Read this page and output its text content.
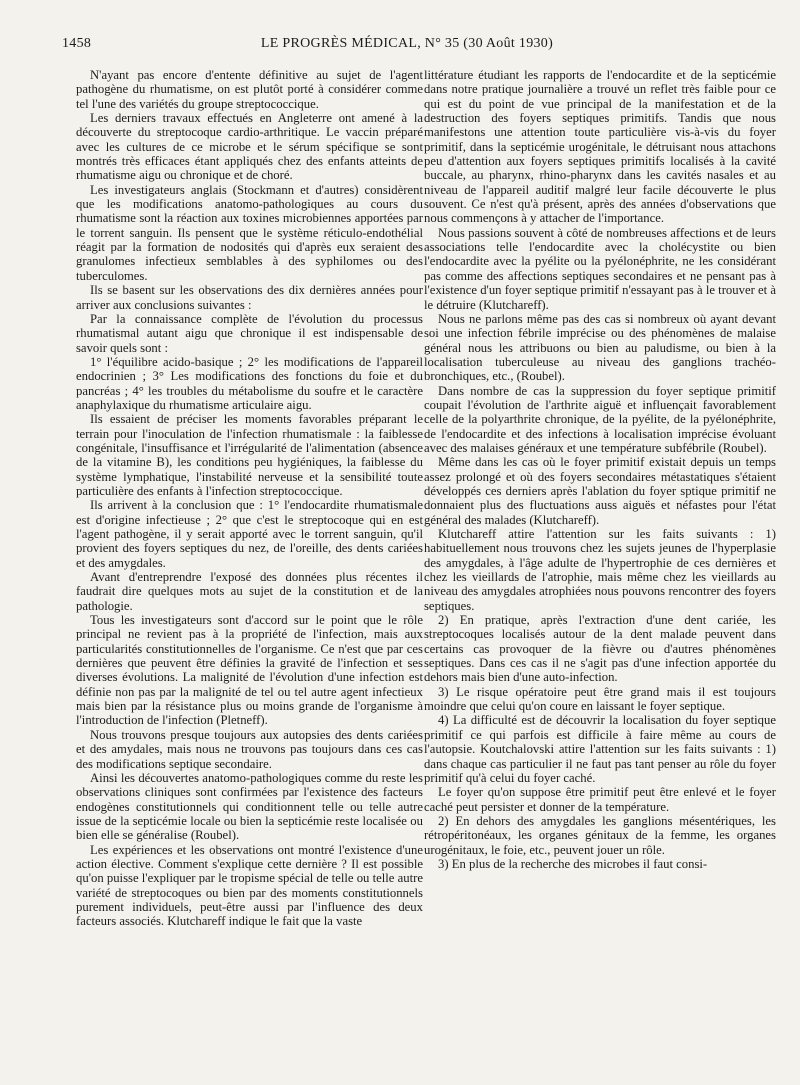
1458	LE PROGRÈS MÉDICAL, N° 35 (30 Août 1930)

N'ayant pas encore d'entente définitive au sujet de l'agent pathogène du rhumatisme, on est plutôt porté à considérer comme tel l'une des variétés du groupe streptococcique.

Les derniers travaux effectués en Angleterre ont amené à la découverte du streptocoque cardio-arthritique. Le vaccin préparé avec les cultures de ce microbe et le sérum spécifique se sont montrés très efficaces étant appliqués chez des enfants atteints de rhumatisme aigu ou chronique et de choré.

Les investigateurs anglais (Stockmann et d'autres) considèrent que les modifications anatomo-pathologiques au cours du rhumatisme sont la réaction aux toxines microbiennes apportées par le torrent sanguin. Ils pensent que le système réticulo-endothélial réagit par la formation de nodosités qui d'après eux seraient des granulomes infectieux semblables à des syphilomes ou des tuberculomes.

Ils se basent sur les observations des dix dernières années pour arriver aux conclusions suivantes :

Par la connaissance complète de l'évolution du processus rhumatismal autant aigu que chronique il est indispensable de savoir quels sont :

1° l'équilibre acido-basique ; 2° les modifications de l'appareil endocrinien ; 3° Les modifications des fonctions du foie et du pancréas ; 4° les troubles du métabolisme du soufre et le caractère anaphylaxique du rhumatisme articulaire aigu.

Ils essaient de préciser les moments favorables préparant le terrain pour l'inoculation de l'infection rhumatismale : la faiblesse congénitale, l'insuffisance et l'irrégularité de l'alimentation (absence de la vitamine B), les conditions peu hygiéniques, la faiblesse du système lymphatique, l'instabilité nerveuse et la sensibilité toute particulière des enfants à l'infection streptococcique.

Ils arrivent à la conclusion que : 1° l'endocardite rhumatismale est d'origine infectieuse ; 2° que c'est le streptocoque qui en est l'agent pathogène, il y serait apporté avec le torrent sanguin, qu'il provient des foyers septiques du nez, de l'oreille, des dents cariées et des amygdales.

Avant d'entreprendre l'exposé des données plus récentes il faudrait dire quelques mots au sujet de la constitution et de la pathologie.

Tous les investigateurs sont d'accord sur le point que le rôle principal ne revient pas à la propriété de l'infection, mais aux particularités constitutionnelles de l'organisme. Ce n'est que par ces dernières que peuvent être définies la gravité de l'infection et ses diverses évolutions. La malignité de l'évolution d'une infection est définie non pas par la malignité de tel ou tel autre agent infectieux mais bien par la résistance plus ou moins grande de l'organisme à l'introduction de l'infection (Pletneff).

Nous trouvons presque toujours aux autopsies des dents cariées et des amydales, mais nous ne trouvons pas toujours dans ces cas des modifications septique secondaire.

Ainsi les découvertes anatomo-pathologiques comme du reste les observations cliniques sont confirmées par l'existence des facteurs endogènes constitutionnels qui conditionnent telle ou telle autre issue de la septicémie locale ou bien la septicémie reste localisée ou bien elle se généralise (Roubel).

Les expériences et les observations ont montré l'existence d'une action élective. Comment s'explique cette dernière ? Il est possible qu'on puisse l'expliquer par le tropisme spécial de telle ou telle autre variété de streptocoques ou bien par des moments constitutionnels purement individuels, peut-être aussi par l'influence des deux facteurs associés. Klutchareff indique le fait que la vaste

littérature étudiant les rapports de l'endocardite et de la septicémie dans notre pratique journalière a trouvé un reflet très faible pour ce qui est du point de vue principal de la manifestation et de la destruction des foyers septiques primitifs. Tandis que nous manifestons une attention toute particulière vis-à-vis du foyer primitif, dans la septicémie urogénitale, le détruisant nous attachons peu d'attention aux foyers septiques primitifs localisés à la cavité buccale, au pharynx, rhino-pharynx dans les cavités nasales et au niveau de l'appareil auditif malgré leur facile découverte le plus souvent. Ce n'est qu'à présent, après des années d'observations que nous commençons à y attacher de l'importance.

Nous passions souvent à côté de nombreuses affections et de leurs associations telle l'endocardite avec la cholécystite ou bien l'endocardite avec la pyélite ou la pyélonéphrite, ne les considérant pas comme des affections septiques secondaires et ne pensant pas à l'existence d'un foyer septique primitif n'essayant pas à le trouver et à le détruire (Klutchareff).

Nous ne parlons même pas des cas si nombreux où ayant devant soi une infection fébrile imprécise ou des phénomènes de malaise général nous les attribuons ou bien au paludisme, ou bien à la localisation tuberculeuse au niveau des ganglions trachéo-bronchiques, etc., (Roubel).

Dans nombre de cas la suppression du foyer septique primitif coupait l'évolution de l'arthrite aiguë et influençait favorablement celle de la polyarthrite chronique, de la pyélite, de la pyélonéphrite, de l'endocardite et des infections à localisation imprécise évoluant avec des malaises généraux et une température subfébrile (Roubel).

Même dans les cas où le foyer primitif existait depuis un temps assez prolongé et où des foyers secondaires métastatiques s'étaient développés ces derniers après l'ablation du foyer sptique primitif ne donnaient plus des fluctuations auss aiguës et néfastes pour l'état général des malades (Klutchareff).

Klutchareff attire l'attention sur les faits suivants : 1) habituellement nous trouvons chez les sujets jeunes de l'hyperplasie des amygdales, à l'âge adulte de l'hypertrophie de ces dernières et chez les vieillards de l'atrophie, mais même chez les vieillards au niveau des amygdales atrophiées nous pouvons rencontrer des foyers septiques.

2) En pratique, après l'extraction d'une dent cariée, les streptocoques localisés autour de la dent malade peuvent dans certains cas provoquer de la fièvre ou d'autres phénomènes septiques. Dans ces cas il ne s'agit pas d'une infection apportée du dehors mais bien d'une auto-infection.

3) Le risque opératoire peut être grand mais il est toujours moindre que celui qu'on coure en laissant le foyer septique.

4) La difficulté est de découvrir la localisation du foyer septique primitif ce qui parfois est difficile à faire même au cours de l'autopsie. Koutchalovski attire l'attention sur les faits suivants : 1) dans chaque cas particulier il ne faut pas tant penser au rôle du foyer primitif qu'à celui du foyer caché.

Le foyer qu'on suppose être primitif peut être enlevé et le foyer caché peut persister et donner de la température.

2) En dehors des amygdales les ganglions mésentériques, les rétropéritonéaux, les organes génitaux de la femme, les organes urogénitaux, le foie, etc., peuvent jouer un rôle.

3) En plus de la recherche des microbes il faut consi-
